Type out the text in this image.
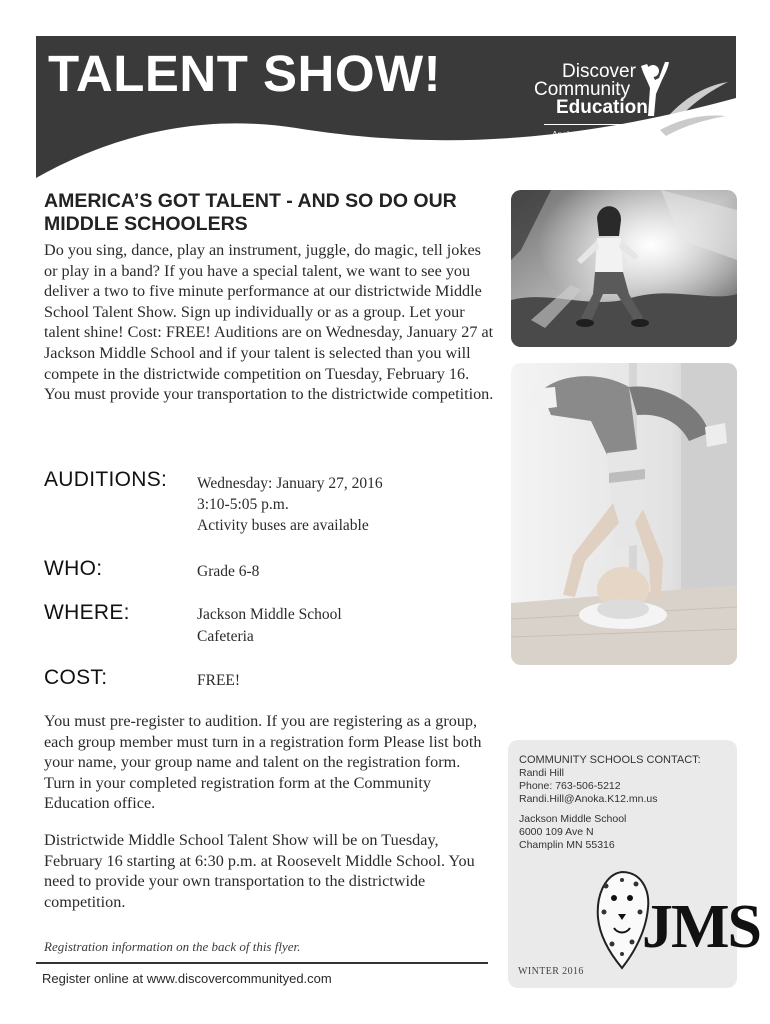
TALENT SHOW!	Discover
Community
Education
Anoka-Hennepin Schools
AMERICA’S GOT TALENT - AND SO DO OUR MIDDLE SCHOOLERS
Do you sing, dance, play an instrument, juggle, do magic, tell jokes or play in a band? If you have a special talent, we want to see you deliver a two to five minute performance at our districtwide Middle School Talent Show. Sign up individually or as a group. Let your talent shine! Cost: FREE! Auditions are on Wednesday, January 27 at Jackson Middle School and if your talent is selected than you will compete in the districtwide competition on Tuesday, February 16. You must provide your transportation to the districtwide competition.
AUDITIONS: Wednesday: January 27, 2016
3:10-5:05 p.m.
Activity buses are available
WHO:	Grade 6-8
WHERE:	Jackson Middle School
Cafeteria
COST:	FREE!
You must pre-register to audition. If you are registering as a group, each group member must turn in a registration form Please list both your name, your group name and talent on the registration form. Turn in your completed registration form at the Community Education office.
Districtwide Middle School Talent Show will be on Tuesday, February 16 starting at 6:30 p.m. at Roosevelt Middle School. You need to provide your own transportation to the districtwide competition.
Registration information on the back of this flyer.
Register online at www.discovercommunityed.com
COMMUNITY SCHOOLS CONTACT:
Randi Hill
Phone: 763-506-5212
Randi.Hill@Anoka.K12.mn.us
Jackson Middle School
6000 109 Ave N
Champlin MN 55316
JMS
WINTER 2016
